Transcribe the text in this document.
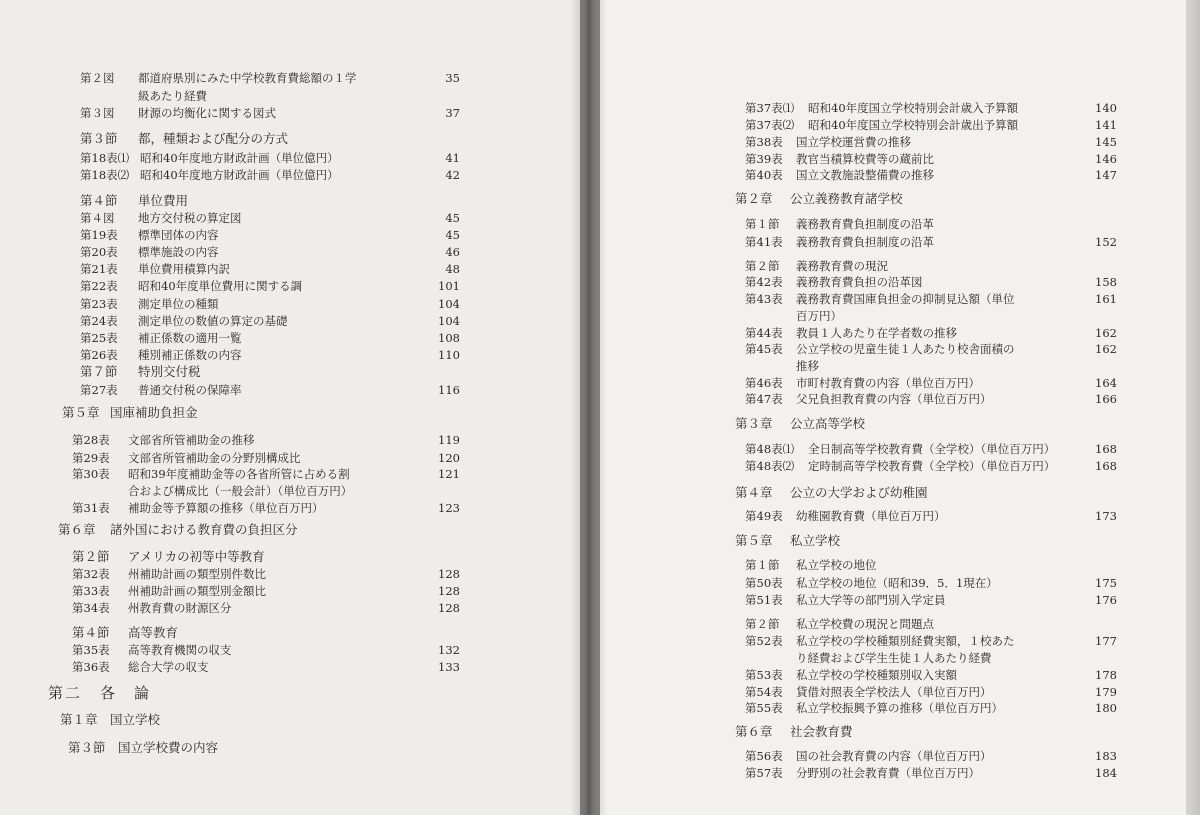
第２図 都道府県別にみた中学校教育費総額の１学	35
級あたり経費
第３図 財源の均衡化に関する図式	37
第３節 都，種類および配分の方式
第18表⑴ 昭和40年度地方財政計画（単位億円）	41
第18表⑵ 昭和40年度地方財政計画（単位億円）	42
第４節 単位費用
第４図 地方交付税の算定図	45
第19表 標準団体の内容	45
第20表 標準施設の内容	46
第21表 単位費用積算内訳	48
第22表 昭和40年度単位費用に関する調	101
第23表 測定単位の種類	104
第24表 測定単位の数値の算定の基礎	104
第25表 補正係数の適用一覧	108
第26表 種別補正係数の内容	110
第７節 特別交付税
第27表 普通交付税の保障率	116
第５章 国庫補助負担金
第28表 文部省所管補助金の推移	119
第29表 文部省所管補助金の分野別構成比	120
第30表 昭和39年度補助金等の各省所管に占める割	121
合および構成比（一般会計）（単位百万円）
第31表 補助金等予算額の推移（単位百万円）	123
第６章 諸外国における教育費の負担区分
第２節 アメリカの初等中等教育
第32表 州補助計画の類型別件数比	128
第33表 州補助計画の類型別金額比	128
第34表 州教育費の財源区分	128
第４節 高等教育
第35表 高等教育機関の収支	132
第36表 総合大学の収支	133
第二 各　論
第１章 国立学校
第３節 国立学校費の内容
第37表⑴ 昭和40年度国立学校特別会計歳入予算額	140
第37表⑵ 昭和40年度国立学校特別会計歳出予算額	141
第38表 国立学校運営費の推移	145
第39表 教官当積算校費等の蔵前比	146
第40表 国立文教施設整備費の推移	147
第２章 公立義務教育諸学校
第１節 義務教育費負担制度の沿革
第41表 義務教育費負担制度の沿革	152
第２節 義務教育費の現況
第42表 義務教育費負担の沿革図	158
第43表 義務教育費国庫負担金の抑制見込額（単位	161
百万円）
第44表 教員１人あたり在学者数の推移	162
第45表 公立学校の児童生徒１人あたり校舎面積の	162
推移
第46表 市町村教育費の内容（単位百万円）	164
第47表 父兄負担教育費の内容（単位百万円）	166
第３章 公立高等学校
第48表⑴ 全日制高等学校教育費（全学校）（単位百万円）	168
第48表⑵ 定時制高等学校教育費（全学校）（単位百万円）	168
第４章 公立の大学および幼稚園
第49表 幼稚園教育費（単位百万円）	173
第５章 私立学校
第１節 私立学校の地位
第50表 私立学校の地位（昭和39．5．1現在）	175
第51表 私立大学等の部門別入学定員	176
第２節 私立学校費の現況と問題点
第52表 私立学校の学校種類別経費実額，１校あた	177
り経費および学生生徒１人あたり経費
第53表 私立学校の学校種類別収入実額	178
第54表 貸借対照表全学校法人（単位百万円）	179
第55表 私立学校振興予算の推移（単位百万円）	180
第６章 社会教育費
第56表 国の社会教育費の内容（単位百万円）	183
第57表 分野別の社会教育費（単位百万円）	184
